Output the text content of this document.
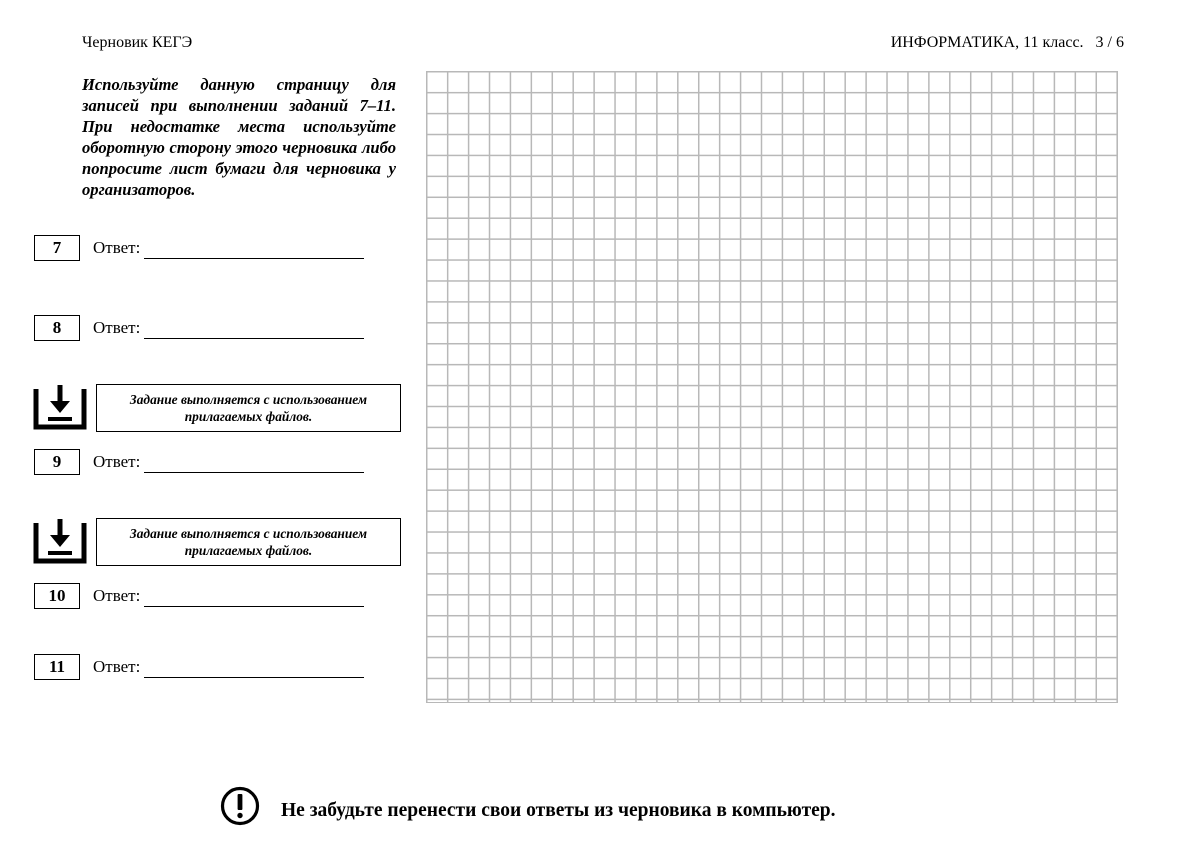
Черновик КЕГЭ	ИНФОРМАТИКА, 11 класс.   3 / 6
Используйте данную страницу для записей при выполнении заданий 7–11. При недостатке места используйте оборотную сторону этого черновика либо попросите лист бумаги для черновика у организаторов.
7	Ответ:
8	Ответ:
Задание выполняется с использованием прилагаемых файлов.
9	Ответ:
Задание выполняется с использованием прилагаемых файлов.
10	Ответ:
11	Ответ:
Не забудьте перенести свои ответы из черновика в компьютер.
